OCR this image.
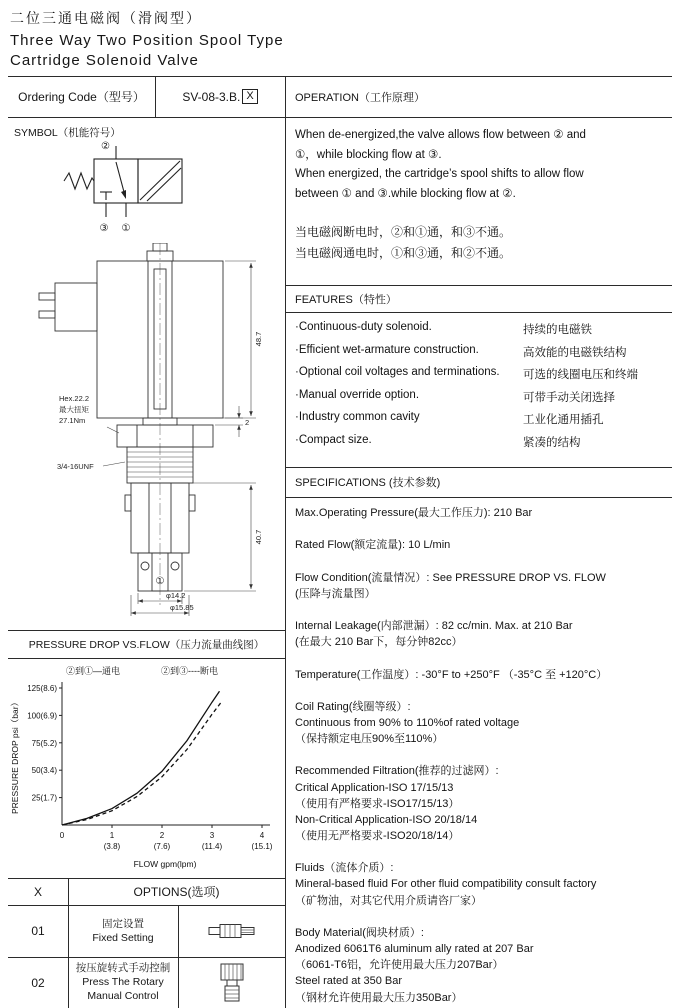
二位三通电磁阀（滑阀型）
Three Way Two Position Spool Type
Cartridge Solenoid Valve
Ordering Code（型号）	SV-08-3.B. X	OPERATION（工作原理）
SYMBOL（机能符号）
②
③ ①
48.7
2
40.7
Hex.22.2
最大扭矩
27.1Nm
3/4-16UNF
φ14.2
φ15.85
①
PRESSURE DROP VS.FLOW（压力流量曲线图）
25(1.7)
50(3.4)
75(5.2)
100(6.9)
125(8.6)
0	1
(3.8)
2
(7.6)
3
(11.4)
4
(15.1)
②到①—通电	②到③----断电
FLOW gpm(lpm)
PRESSURE DROP psi（bar）
X	OPTIONS(选项)
01
固定设置
Fixed Setting
02
按压旋转式手动控制
Press The Rotary
Manual Control
When de-energized,the valve allows flow between ② and
①，while blocking flow at ③.
When energized, the cartridge’s spool shifts to allow flow
between ① and ③.while blocking flow at ②.
当电磁阀断电时，②和①通，和③不通。
当电磁阀通电时，①和③通，和②不通。
FEATURES（特性）
·Continuous-duty solenoid.	持续的电磁铁
·Efficient wet-armature construction.	高效能的电磁铁结构
·Optional coil voltages and terminations.	可选的线圈电压和终端
·Manual override option.	可带手动关闭选择
·Industry common cavity	工业化通用插孔
·Compact size.	紧凑的结构
SPECIFICATIONS (技术参数)
Max.Operating Pressure(最大工作压力): 210 Bar
Rated Flow(额定流量): 10 L/min
Flow Condition(流量情况）: See PRESSURE DROP VS. FLOW
(压降与流量图）
Internal Leakage(内部泄漏）: 82 cc/min. Max. at 210 Bar
(在最大 210 Bar下，每分钟82cc）
Temperature(工作温度）: -30°F to +250°F （-35°C 至 +120°C）
Coil Rating(线圈等级）:
Continuous from 90% to 110%of rated voltage
（保持额定电压90%至110%）
Recommended Filtration(推荐的过滤网）:
Critical Application-ISO 17/15/13
（使用有严格要求-ISO17/15/13）
Non-Critical Application-ISO 20/18/14
（使用无严格要求-ISO20/18/14）
Fluids（流体介质）:
Mineral-based fluid For other fluid compatibility consult factory
（矿物油，对其它代用介质请咨厂家）
Body Material(阀块材质）:
Anodized 6061T6 aluminum ally rated at 207 Bar
（6061-T6铝，允许使用最大压力207Bar）
Steel rated at 350 Bar
（钢材允许使用最大压力350Bar）
